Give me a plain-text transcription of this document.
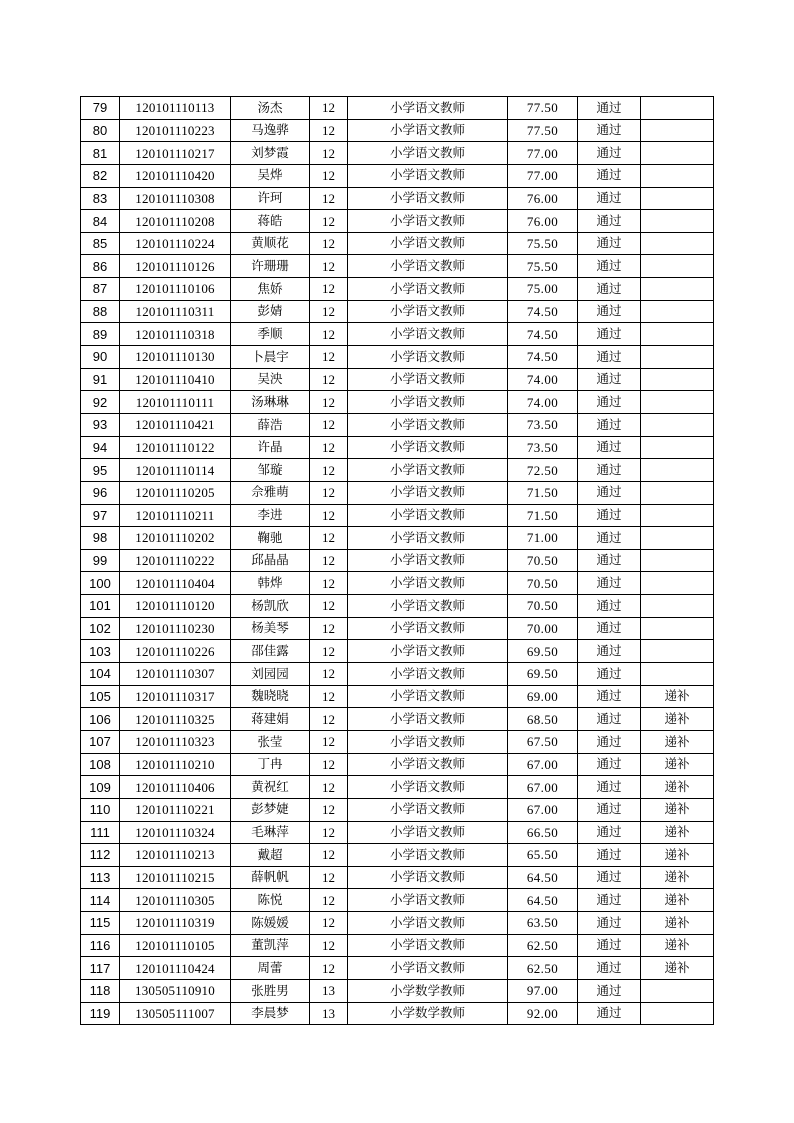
79	120101110113	汤杰	12	小学语文教师	77.50	通过	
80	120101110223	马逸骅	12	小学语文教师	77.50	通过	
81	120101110217	刘梦霞	12	小学语文教师	77.00	通过	
82	120101110420	吴烨	12	小学语文教师	77.00	通过	
83	120101110308	许珂	12	小学语文教师	76.00	通过	
84	120101110208	蒋皓	12	小学语文教师	76.00	通过	
85	120101110224	黄顺花	12	小学语文教师	75.50	通过	
86	120101110126	许珊珊	12	小学语文教师	75.50	通过	
87	120101110106	焦娇	12	小学语文教师	75.00	通过	
88	120101110311	彭婧	12	小学语文教师	74.50	通过	
89	120101110318	季顺	12	小学语文教师	74.50	通过	
90	120101110130	卜晨宇	12	小学语文教师	74.50	通过	
91	120101110410	吴泱	12	小学语文教师	74.00	通过	
92	120101110111	汤琳琳	12	小学语文教师	74.00	通过	
93	120101110421	薛浩	12	小学语文教师	73.50	通过	
94	120101110122	许晶	12	小学语文教师	73.50	通过	
95	120101110114	邹璇	12	小学语文教师	72.50	通过	
96	120101110205	佘雅萌	12	小学语文教师	71.50	通过	
97	120101110211	李进	12	小学语文教师	71.50	通过	
98	120101110202	鞠驰	12	小学语文教师	71.00	通过	
99	120101110222	邱晶晶	12	小学语文教师	70.50	通过	
100	120101110404	韩烨	12	小学语文教师	70.50	通过	
101	120101110120	杨凯欣	12	小学语文教师	70.50	通过	
102	120101110230	杨美琴	12	小学语文教师	70.00	通过	
103	120101110226	邵佳露	12	小学语文教师	69.50	通过	
104	120101110307	刘园园	12	小学语文教师	69.50	通过	
105	120101110317	魏晓晓	12	小学语文教师	69.00	通过	递补
106	120101110325	蒋建娟	12	小学语文教师	68.50	通过	递补
107	120101110323	张莹	12	小学语文教师	67.50	通过	递补
108	120101110210	丁冉	12	小学语文教师	67.00	通过	递补
109	120101110406	黄祝红	12	小学语文教师	67.00	通过	递补
110	120101110221	彭梦婕	12	小学语文教师	67.00	通过	递补
111	120101110324	毛琳萍	12	小学语文教师	66.50	通过	递补
112	120101110213	戴超	12	小学语文教师	65.50	通过	递补
113	120101110215	薛帆帆	12	小学语文教师	64.50	通过	递补
114	120101110305	陈悦	12	小学语文教师	64.50	通过	递补
115	120101110319	陈媛媛	12	小学语文教师	63.50	通过	递补
116	120101110105	董凯萍	12	小学语文教师	62.50	通过	递补
117	120101110424	周蕾	12	小学语文教师	62.50	通过	递补
118	130505110910	张胜男	13	小学数学教师	97.00	通过	
119	130505111007	李晨梦	13	小学数学教师	92.00	通过	
